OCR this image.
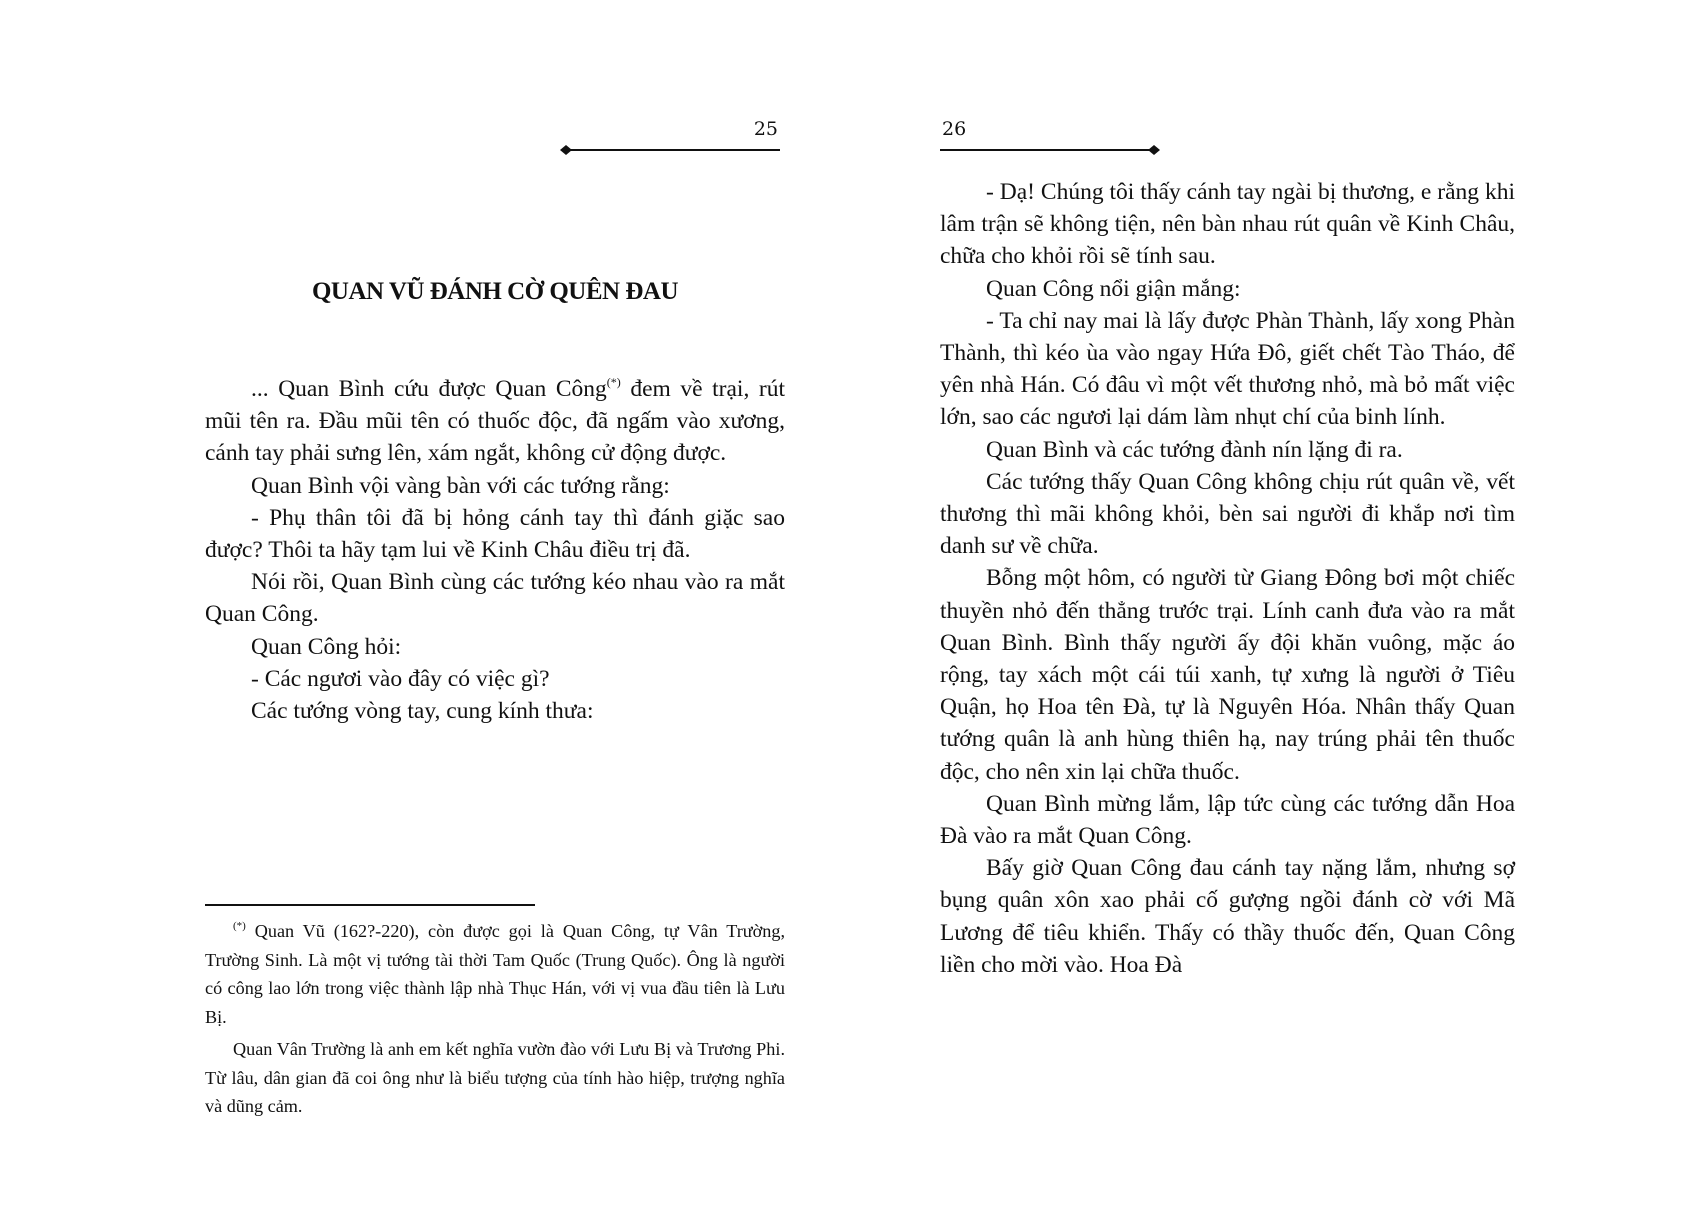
25
QUAN VŨ ĐÁNH CỜ QUÊN ĐAU

... Quan Bình cứu được Quan Công(*) đem về trại, rút mũi tên ra. Đầu mũi tên có thuốc độc, đã ngấm vào xương, cánh tay phải sưng lên, xám ngắt, không cử động được.

Quan Bình vội vàng bàn với các tướng rằng:

- Phụ thân tôi đã bị hỏng cánh tay thì đánh giặc sao được? Thôi ta hãy tạm lui về Kinh Châu điều trị đã.

Nói rồi, Quan Bình cùng các tướng kéo nhau vào ra mắt Quan Công.

Quan Công hỏi:

- Các ngươi vào đây có việc gì?

Các tướng vòng tay, cung kính thưa:

(*) Quan Vũ (162?-220), còn được gọi là Quan Công, tự Vân Trường, Trường Sinh. Là một vị tướng tài thời Tam Quốc (Trung Quốc). Ông là người có công lao lớn trong việc thành lập nhà Thục Hán, với vị vua đầu tiên là Lưu Bị.

Quan Vân Trường là anh em kết nghĩa vườn đào với Lưu Bị và Trương Phi. Từ lâu, dân gian đã coi ông như là biểu tượng của tính hào hiệp, trượng nghĩa và dũng cảm.

26

- Dạ! Chúng tôi thấy cánh tay ngài bị thương, e rằng khi lâm trận sẽ không tiện, nên bàn nhau rút quân về Kinh Châu, chữa cho khỏi rồi sẽ tính sau.

Quan Công nổi giận mắng:

- Ta chỉ nay mai là lấy được Phàn Thành, lấy xong Phàn Thành, thì kéo ùa vào ngay Hứa Đô, giết chết Tào Tháo, để yên nhà Hán. Có đâu vì một vết thương nhỏ, mà bỏ mất việc lớn, sao các ngươi lại dám làm nhụt chí của binh lính.

Quan Bình và các tướng đành nín lặng đi ra.

Các tướng thấy Quan Công không chịu rút quân về, vết thương thì mãi không khỏi, bèn sai người đi khắp nơi tìm danh sư về chữa.

Bỗng một hôm, có người từ Giang Đông bơi một chiếc thuyền nhỏ đến thẳng trước trại. Lính canh đưa vào ra mắt Quan Bình. Bình thấy người ấy đội khăn vuông, mặc áo rộng, tay xách một cái túi xanh, tự xưng là người ở Tiêu Quận, họ Hoa tên Đà, tự là Nguyên Hóa. Nhân thấy Quan tướng quân là anh hùng thiên hạ, nay trúng phải tên thuốc độc, cho nên xin lại chữa thuốc.

Quan Bình mừng lắm, lập tức cùng các tướng dẫn Hoa Đà vào ra mắt Quan Công.

Bấy giờ Quan Công đau cánh tay nặng lắm, nhưng sợ bụng quân xôn xao phải cố gượng ngồi đánh cờ với Mã Lương để tiêu khiển. Thấy có thầy thuốc đến, Quan Công liền cho mời vào. Hoa Đà
